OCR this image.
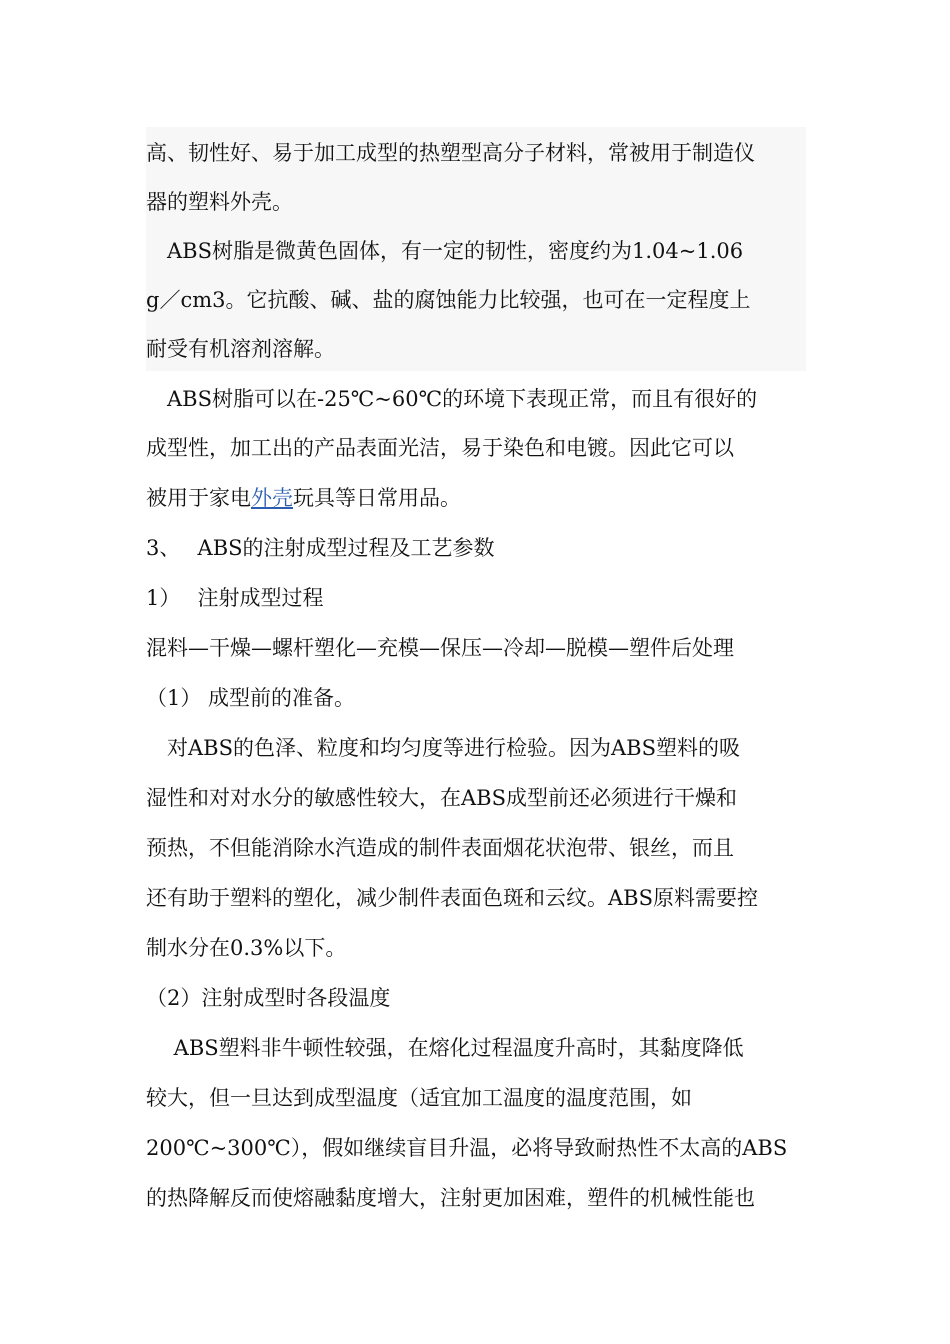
高、韧性好、易于加工成型的热塑型高分子材料，常被用于制造仪
器的塑料外壳。
　ABS树脂是微黄色固体，有一定的韧性，密度约为1.04~1.06
g／cm3。它抗酸、碱、盐的腐蚀能力比较强，也可在一定程度上
耐受有机溶剂溶解。
　ABS树脂可以在-25℃~60℃的环境下表现正常，而且有很好的
成型性，加工出的产品表面光洁，易于染色和电镀。因此它可以
被用于家电外壳玩具等日常用品。
3、　 ABS的注射成型过程及工艺参数
1）　 注射成型过程
混料—干燥—螺杆塑化—充模—保压—冷却—脱模—塑件后处理
（1） 成型前的准备。
　对ABS的色泽、粒度和均匀度等进行检验。因为ABS塑料的吸
湿性和对对水分的敏感性较大，在ABS成型前还必须进行干燥和
预热，不但能消除水汽造成的制件表面烟花状泡带、银丝，而且
还有助于塑料的塑化，减少制件表面色斑和云纹。ABS原料需要控
制水分在0.3%以下。
（2）注射成型时各段温度
　 ABS塑料非牛顿性较强，在熔化过程温度升高时，其黏度降低
较大，但一旦达到成型温度（适宜加工温度的温度范围，如
200℃~300℃），假如继续盲目升温，必将导致耐热性不太高的ABS
的热降解反而使熔融黏度增大，注射更加困难，塑件的机械性能也
